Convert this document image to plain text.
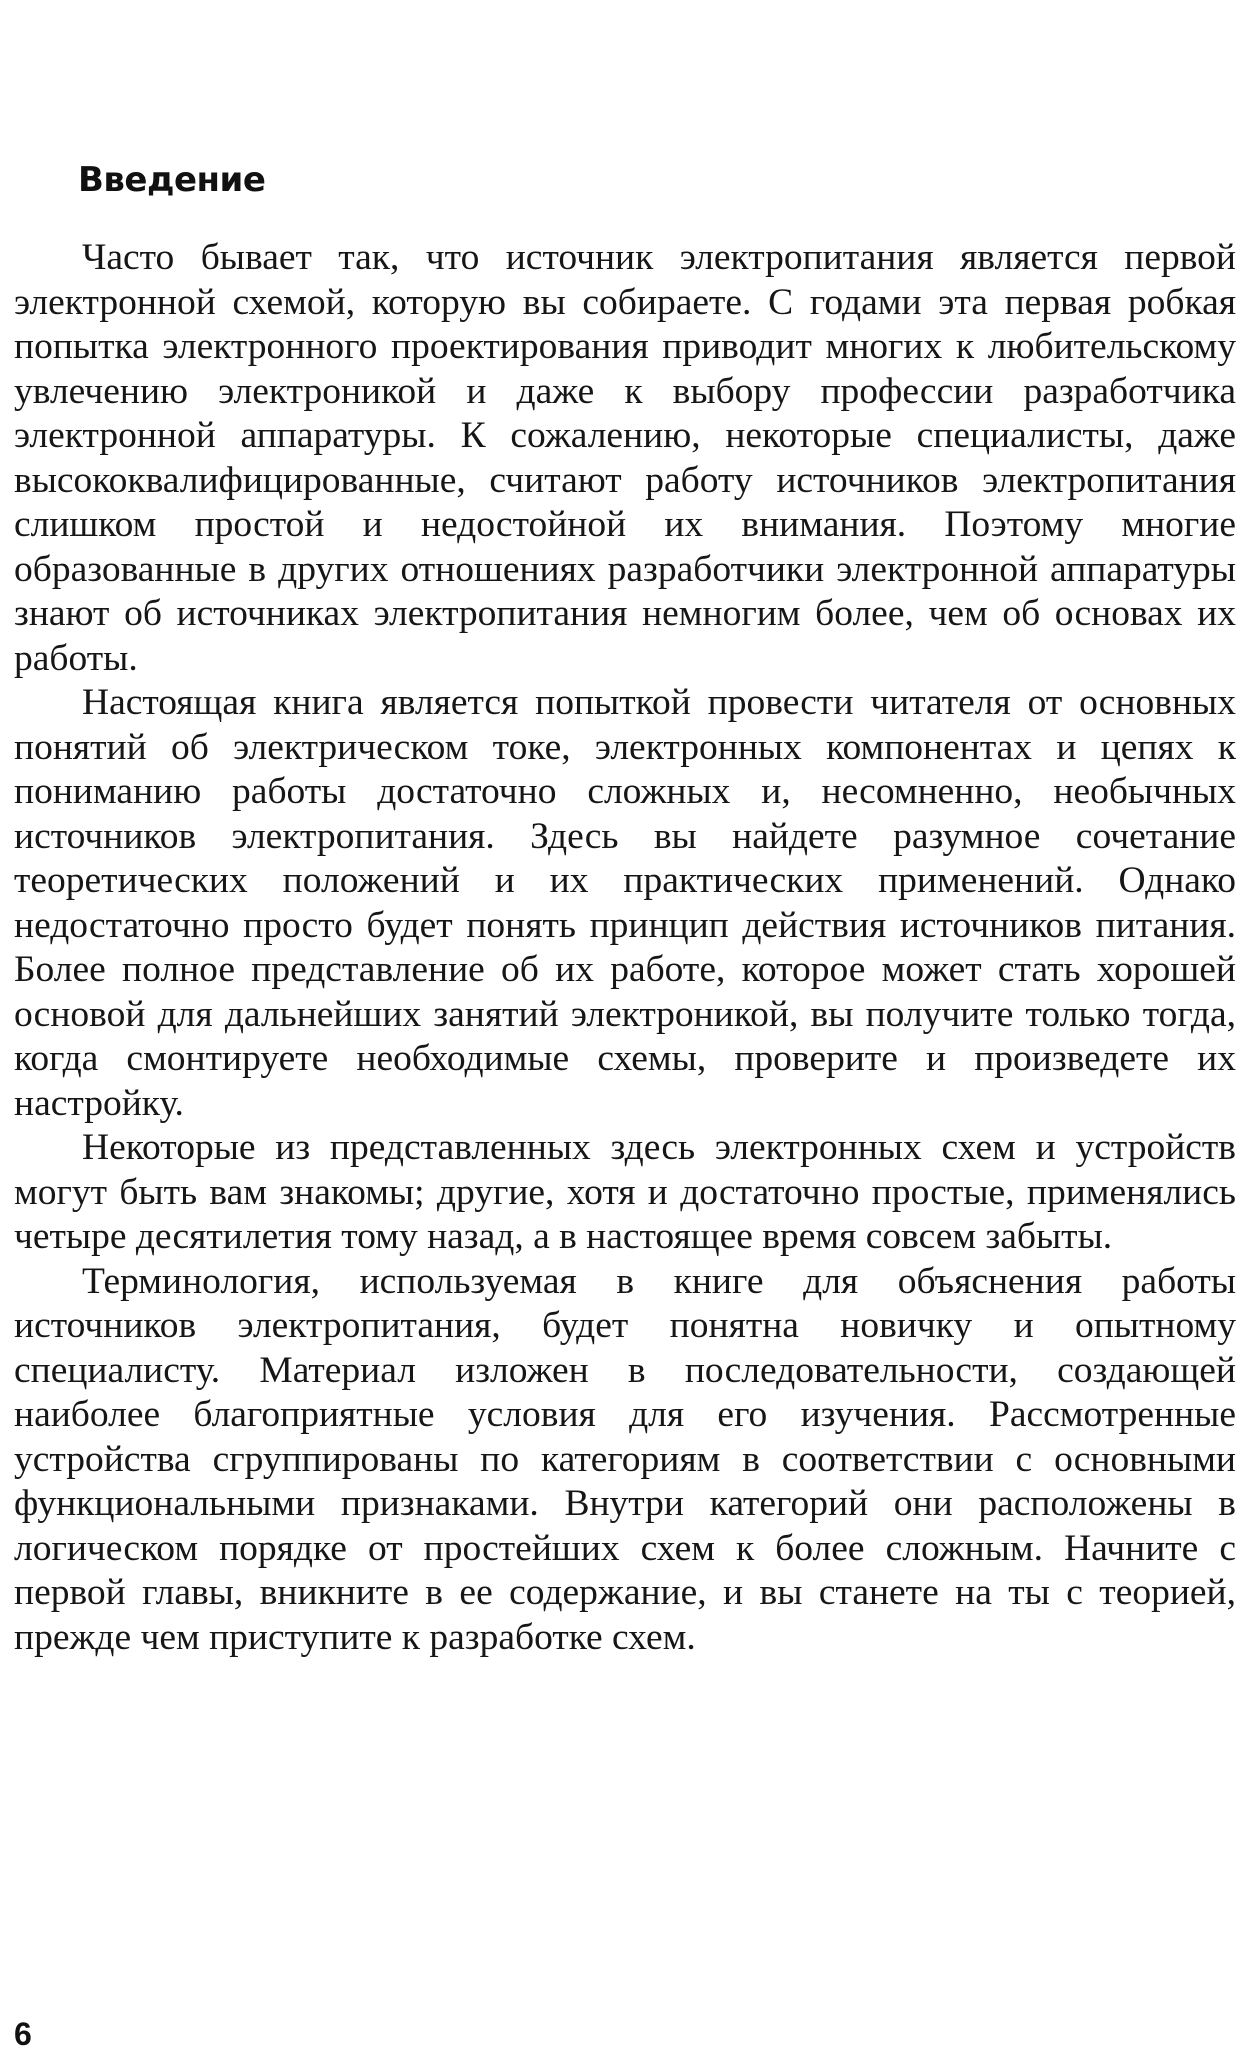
Введение

Часто бывает так, что источник электропитания является первой электронной схемой, которую вы собираете. С годами эта первая робкая попытка электронного проектирования приводит многих к любительскому увлечению электроникой и даже к выбору профессии разработчика электронной аппаратуры. К сожалению, некоторые специалисты, даже высококвалифицированные, считают работу источников электропитания слишком простой и недостойной их внимания. Поэтому многие образованные в других отношениях разработчики электронной аппаратуры знают об источниках электропитания немногим более, чем об основах их работы.

Настоящая книга является попыткой провести читателя от основных понятий об электрическом токе, электронных компонентах и цепях к пониманию работы достаточно сложных и, несомненно, необычных источников электропитания. Здесь вы найдете разумное сочетание теоретических положений и их практических применений. Однако недостаточно просто будет понять принцип действия источников питания. Более полное представление об их работе, которое может стать хорошей основой для дальнейших занятий электроникой, вы получите только тогда, когда смонтируете необходимые схемы, проверите и произведете их настройку.

Некоторые из представленных здесь электронных схем и устройств могут быть вам знакомы; другие, хотя и достаточно простые, применялись четыре десятилетия тому назад, а в настоящее время совсем забыты.

Терминология, используемая в книге для объяснения работы источников электропитания, будет понятна новичку и опытному специалисту. Материал изложен в последовательности, создающей наиболее благоприятные условия для его изучения. Рассмотренные устройства сгруппированы по категориям в соответствии с основными функциональными признаками. Внутри категорий они расположены в логическом порядке от простейших схем к более сложным. Начните с первой главы, вникните в ее содержание, и вы станете на ты с теорией, прежде чем приступите к разработке схем.

6
